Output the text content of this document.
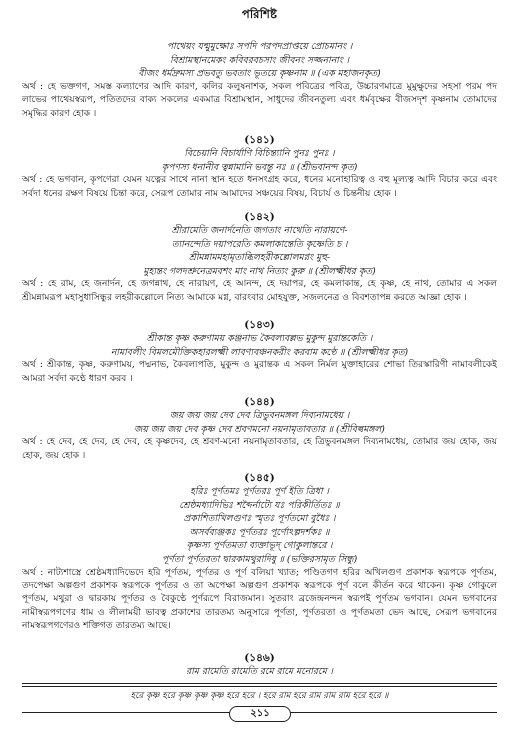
পরিশিষ্ট
পাথেয়ং যন্মুমুক্ষোঃ সপদি পরপদপ্রাপ্তয়ে প্রোচমানং ।
বিশ্রামস্থানমেকং কবিবরবচসাং জীবনং সজ্জনানাং ।
বীজং ধর্মদ্রুমস্য প্রভবতু ভবতাং ভূতয়ে কৃষ্ণনাম ॥ (এক মহাজনকৃত)
অর্থ : হে ভক্তগণ, সমস্ত কল্যাণের আদি কারণ, কলির কলুষনাশক, সকল পবিত্রের পবিত্র, উচ্চারণমাত্রে মুমুক্ষুদের সহসা পরম পদ লাভের পাথেয়স্বরূপ, পতিতদের বাক্য সকলের একমাত্র বিশ্রামস্থান, সাধুদের জীবনতুল্য এবং ধর্মবৃক্ষের বীজসদৃশ কৃষ্ণনাম তোমাদের সমৃদ্ধির কারণ হোক ।
(১৪১)
বিচেয়ানি বিচার্যাণি বিচিন্ত্যানি পুনঃ পুনঃ ।
কৃপণস্য ধনানীব ত্বন্নামানি ভবন্তু নঃ ॥ (শ্রীভবানন্দ কৃত)
অর্থ : হে ভগবান, কৃপণেরা যেমন যত্নের সাথে নানা স্থান হতে ধনসংগ্রহ করে, ধনের মনোহারিত্ব ও বহু মূল্যত্ব আদি বিচার করে এবং সর্বদা ধনের রক্ষণ বিষয়ে চিন্তা করে, সেরূপ তোমার নাম আমাদের সঞ্চয়ের বিষয়, বিচার্য ও চিন্তনীয় হোক ।
(১৪২)
শ্রীরামেতি জনার্দনেতি জগতাং নাথেতি নারায়ণে-
ত্যানন্দেতি দয়াপরেতি কমলাকান্তেতি কৃষ্ণেতি চ ।
শ্রীমন্নামমহামৃতাব্ধিলহরীকল্লোলমগ্নং মুহু-
মুহ্যন্তং গলদশ্রুনেত্রমবশং মাং নাথ নিত্যং কুরু ॥ (শ্রীলক্ষ্মীধর কৃত)
অর্থ : হে রাম, হে জনার্দন, হে জগন্নাথ, হে নারায়ণ, হে আনন্দ, হে দয়াপর, হে কমলাকান্ত, হে কৃষ্ণ, হে নাথ, তোমার এ সকল শ্রীমন্নামরূপ মহাসুধাসিন্ধুর লহরীকল্লোলে নিত্য আমাকে মগ্ন, বারংবার মোহযুক্ত, সজলনেত্র ও বিবশতাপন্ন করতে আজ্ঞা হোক ।
(১৪৩)
শ্রীকান্ত কৃষ্ণ করুণাময় কঞ্জনাভ কৈবল্যবল্লভ মুকুন্দ মুরান্তকেতি ।
নামাবলীং বিমলমৌক্তিকহারলক্ষ্মী লাবণ্যবঞ্চনকরীং করবাম কণ্ঠে ॥ (শ্রীলক্ষ্মীধর কৃত)
অর্থ : শ্রীকান্ত, কৃষ্ণ, করুণাময়, পদ্মনাভ, কৈবল্যপতি, মুকুন্দ ও মুরান্তক এ সকল নির্মল মুক্তাহারের শোভা তিরস্কারিণী নামাবলীকেই আমরা সর্বদা কণ্ঠে ধারণ করব ।
(১৪৪)
জয় জয় জয় দেব দেব ত্রিভুবনমঙ্গল দিব্যনামধেয় ।
জয় জয় জয় দেব কৃষ্ণ দেব শ্রবণমনো নয়নামৃতাবতার ॥ (শ্রীবিল্বমঙ্গল)
অর্থ : হে দেব, হে দেব, হে দেব, হে কৃষ্ণদেব, হে শ্রবণ-মনো নয়নামৃতাবতার, হে ত্রিভুবনমঙ্গল দিব্যনামধেয়, তোমার জয় হোক, জয় হোক, জয় হোক ।
(১৪৫)
হরিঃ পূর্ণতমঃ পূর্ণতরঃ পূর্ণ ইতি ত্রিধা ।
শ্রেষ্ঠমধ্যাদিভিঃ শব্দৈর্নাট্যে যঃ পরিকীর্তিতঃ ॥
প্রকাশিতাখিলগুণঃ স্মৃতঃ পূর্ণতমো বুধৈঃ ।
অসর্বব্যঞ্জকঃ পূর্ণতরঃ পূর্ণোঽল্পদর্শকঃ ॥
কৃষ্ণস্য পূর্ণতমতা ব্যক্তাভূদ্ গোকুলান্তরে ।
পূর্ণতা পূর্ণতরতা দ্বারকামথুরাদিষু ॥ (ভক্তিরসামৃত সিন্ধু)
অর্থ : নাট্যশাস্ত্রে শ্রেষ্ঠমধ্যাদিভেদে হরি পূর্ণতম, পূর্ণতর ও পূর্ণ বলিয়া খ্যাত; পণ্ডিতগণ হরির অখিলগুণ প্রকাশক স্বরূপকে পূর্ণতম, তদপেক্ষা অল্পগুণ প্রকাশক স্বরূপকে পূর্ণতর ও তা অপেক্ষা অল্পগুণ প্রকাশক স্বরূপকে পূর্ণ বলে কীর্তন করে থাকেন। কৃষ্ণ গোকুলে পূর্ণতম, মথুরা ও দ্বারকায় পূর্ণতর ও বৈকুণ্ঠে পূর্ণরূপে বিরাজমান। সুতরাং ব্রজেন্দ্রনন্দন স্বরূপই পূর্ণতম ভগবান। যেমন ভগবানের নামীস্বরূপগণের ধাম ও লীলাময়ী ভাবত্ব প্রকাশের তারতম্য অনুসারে পূর্ণতা, পূর্ণতরতা ও পূর্ণতমতা ভেদ আছে, সেরূপ ভগবানের নামস্বরূপগণেরও শক্তিগত তারতম্য আছে।
(১৪৬)
রাম রামেতি রামেতি রমে রামে মনোরমে ।
হরে কৃষ্ণ হরে কৃষ্ণ কৃষ্ণ কৃষ্ণ হরে হরে । হরে রাম হরে রাম রাম রাম হরে হরে ॥
২১১
